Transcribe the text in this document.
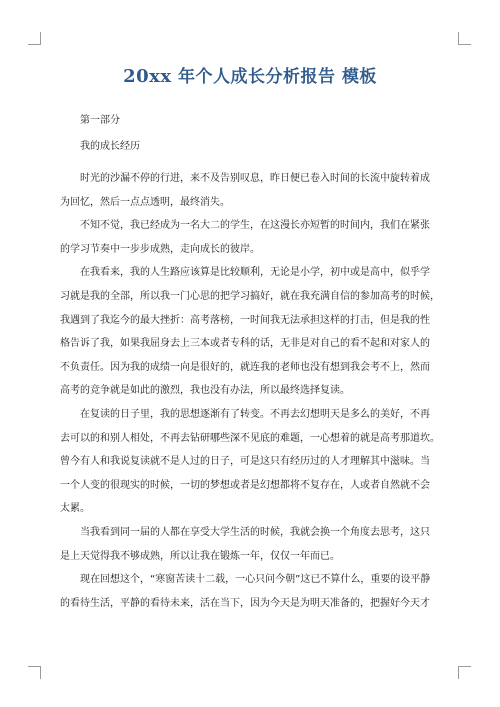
20xx 年个人成长分析报告 模板

第一部分

我的成长经历

时光的沙漏不停的行进，来不及告别叹息，昨日便已卷入时间的长流中旋转着成
为回忆，然后一点点透明，最终消失。

不知不觉，我已经成为一名大二的学生，在这漫长亦短暂的时间内，我们在紧张
的学习节奏中一步步成熟，走向成长的彼岸。

在我看来，我的人生路应该算是比较顺利，无论是小学，初中或是高中，似乎学
习就是我的全部，所以我一门心思的把学习搞好，就在我充满自信的参加高考的时候，
我遇到了我迄今的最大挫折：高考落榜，一时间我无法承担这样的打击，但是我的性
格告诉了我，如果我屈身去上三本或者专科的话，无非是对自己的看不起和对家人的
不负责任。因为我的成绩一向是很好的，就连我的老师也没有想到我会考不上，然而
高考的竞争就是如此的激烈，我也没有办法，所以最终选择复读。

在复读的日子里，我的思想逐渐有了转变。不再去幻想明天是多么的美好，不再
去可以的和别人相处，不再去钻研哪些深不见底的难题，一心想着的就是高考那道坎。
曾今有人和我说复读就不是人过的日子，可是这只有经历过的人才理解其中滋味。当
一个人变的很现实的时候，一切的梦想或者是幻想都将不复存在，人或者自然就不会
太累。

当我看到同一届的人都在享受大学生活的时候，我就会换一个角度去思考，这只
是上天觉得我不够成熟，所以让我在锻炼一年，仅仅一年而已。

现在回想这个，“寒窗苦读十二载，一心只问今朝”这已不算什么，重要的设平静
的看待生活，平静的看待未来，活在当下，因为今天是为明天准备的，把握好今天才
